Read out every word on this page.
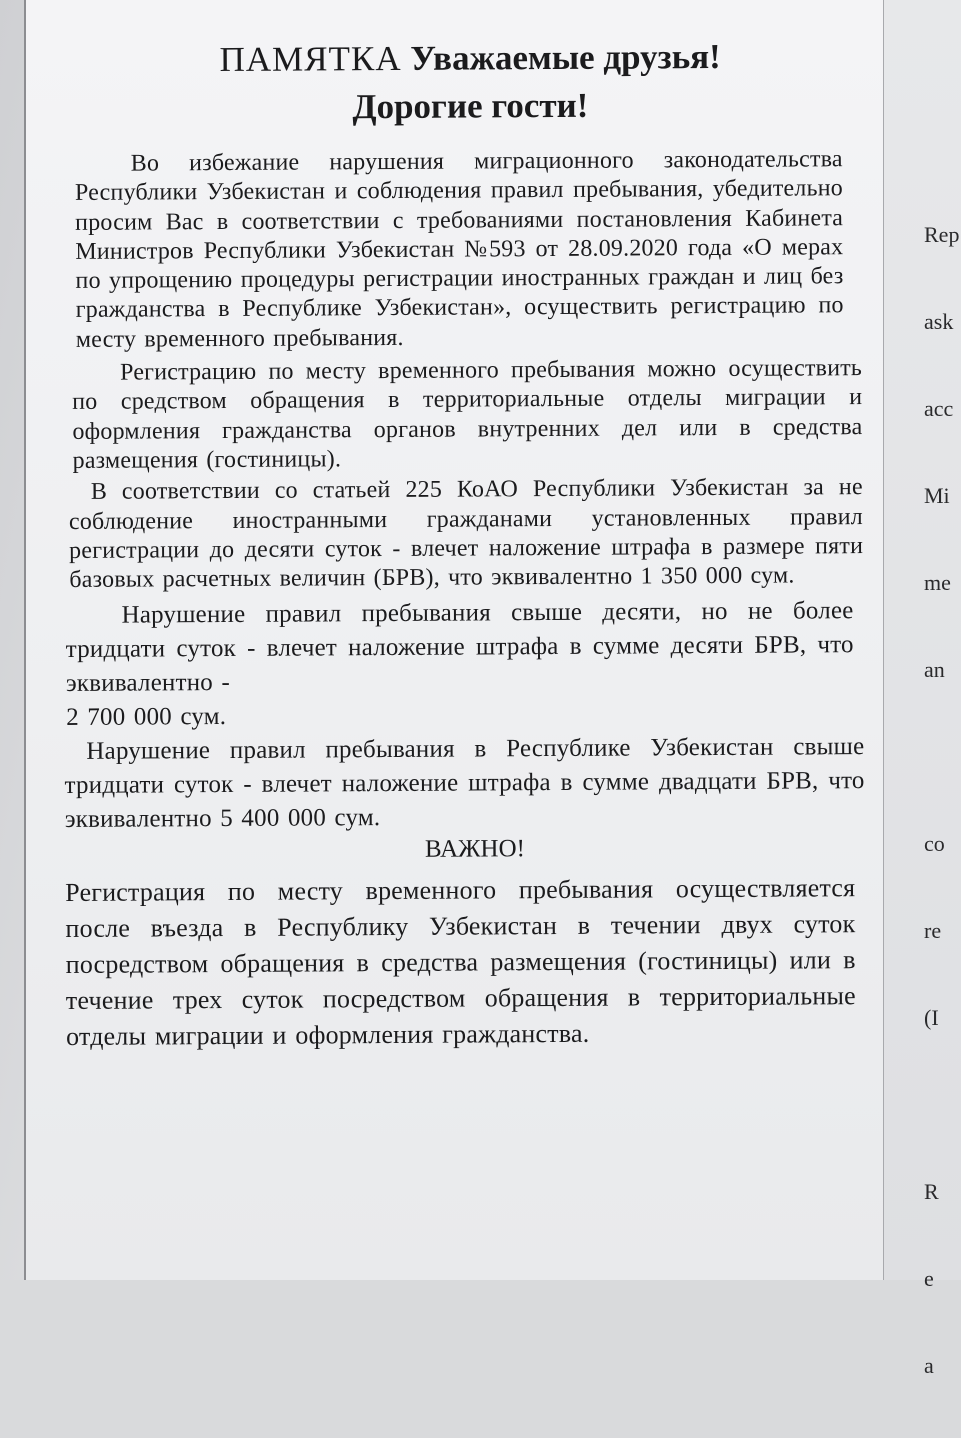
Rep

ask

acc

Mi

me

an

co

re

(I

R

e

a

ПАМЯТКА Уважаемые друзья!
Дорогие гости!

Во избежание нарушения миграционного законодательства Республики Узбекистан и соблюдения правил пребывания, убедительно просим Вас в соответствии с требованиями постановления Кабинета Министров Республики Узбекистан №593 от 28.09.2020 года «О мерах по упрощению процедуры регистрации иностранных граждан и лиц без гражданства в Республике Узбекистан», осуществить регистрацию по месту временного пребывания.

Регистрацию по месту временного пребывания можно осуществить по средством обращения в территориальные отделы миграции и оформления гражданства органов внутренних дел или в средства размещения (гостиницы).

В соответствии со статьей 225 КоАО Республики Узбекистан за не соблюдение иностранными гражданами установленных правил регистрации до десяти суток - влечет наложение штрафа в размере пяти базовых расчетных величин (БРВ), что эквивалентно 1 350 000 сум.

Нарушение правил пребывания свыше десяти, но не более тридцати суток - влечет наложение штрафа в сумме десяти БРВ, что эквивалентно -
2 700 000 сум.

Нарушение правил пребывания в Республике Узбекистан свыше тридцати суток - влечет наложение штрафа в сумме двадцати БРВ, что эквивалентно 5 400 000 сум.

ВАЖНО!

Регистрация по месту временного пребывания осуществляется после въезда в Республику Узбекистан в течении двух суток посредством обращения в средства размещения (гостиницы) или в течение трех суток посредством обращения в территориальные отделы миграции и оформления гражданства.
